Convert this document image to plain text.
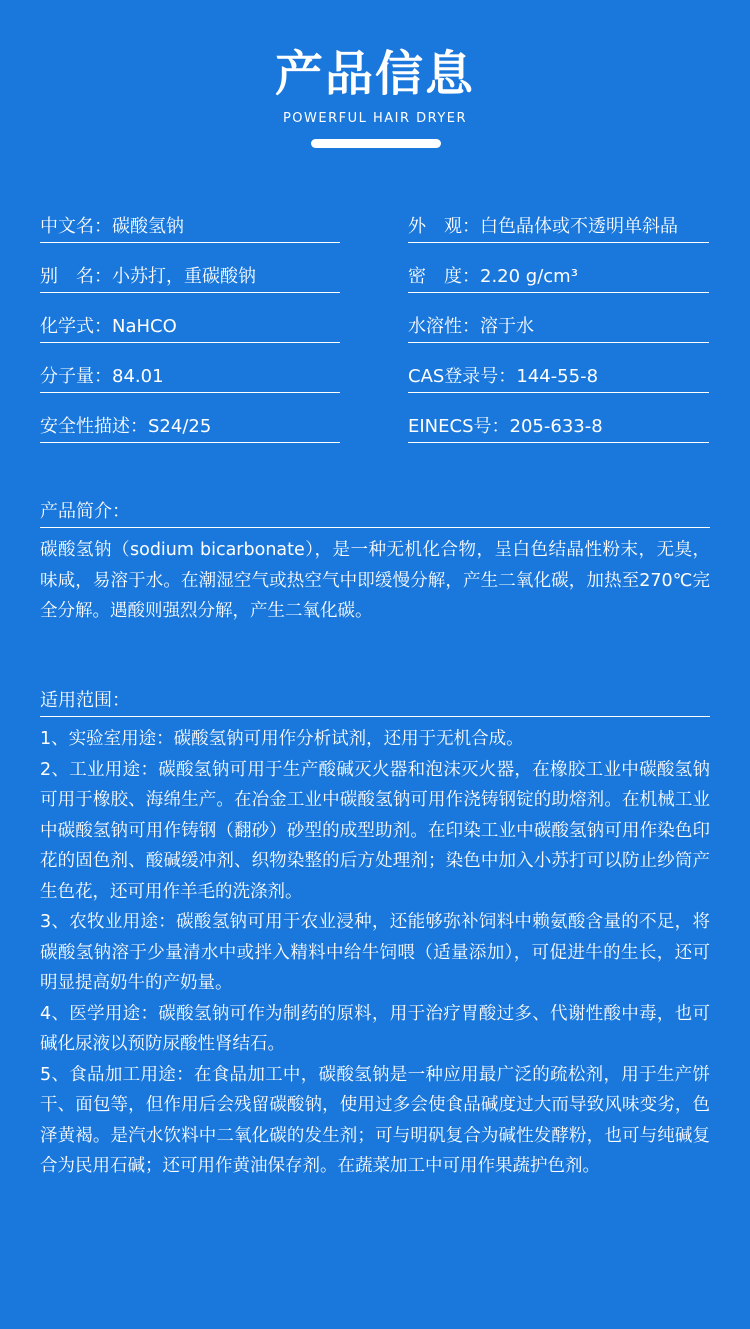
产品信息
POWERFUL HAIR DRYER
中文名：碳酸氢钠
别　名：小苏打，重碳酸钠
化学式：NaHCO
分子量：84.01
安全性描述：S24/25
外　观：白色晶体或不透明单斜晶
密　度：2.20 g/cm³
水溶性：溶于水
CAS登录号：144-55-8
EINECS号：205-633-8
产品简介：

碳酸氢钠（sodium bicarbonate），是一种无机化合物，呈白色结晶性粉末，无臭，味咸，易溶于水。在潮湿空气或热空气中即缓慢分解，产生二氧化碳，加热至270℃完全分解。遇酸则强烈分解，产生二氧化碳。

适用范围：

1、实验室用途：碳酸氢钠可用作分析试剂，还用于无机合成。

2、工业用途：碳酸氢钠可用于生产酸碱灭火器和泡沫灭火器，在橡胶工业中碳酸氢钠可用于橡胶、海绵生产。在冶金工业中碳酸氢钠可用作浇铸钢锭的助熔剂。在机械工业中碳酸氢钠可用作铸钢（翻砂）砂型的成型助剂。在印染工业中碳酸氢钠可用作染色印花的固色剂、酸碱缓冲剂、织物染整的后方处理剂；染色中加入小苏打可以防止纱筒产生色花，还可用作羊毛的洗涤剂。

3、农牧业用途：碳酸氢钠可用于农业浸种，还能够弥补饲料中赖氨酸含量的不足，将碳酸氢钠溶于少量清水中或拌入精料中给牛饲喂（适量添加），可促进牛的生长，还可明显提高奶牛的产奶量。

4、医学用途：碳酸氢钠可作为制药的原料，用于治疗胃酸过多、代谢性酸中毒，也可碱化尿液以预防尿酸性肾结石。

5、食品加工用途：在食品加工中，碳酸氢钠是一种应用最广泛的疏松剂，用于生产饼干、面包等，但作用后会残留碳酸钠，使用过多会使食品碱度过大而导致风味变劣，色泽黄褐。是汽水饮料中二氧化碳的发生剂；可与明矾复合为碱性发酵粉，也可与纯碱复合为民用石碱；还可用作黄油保存剂。在蔬菜加工中可用作果蔬护色剂。
